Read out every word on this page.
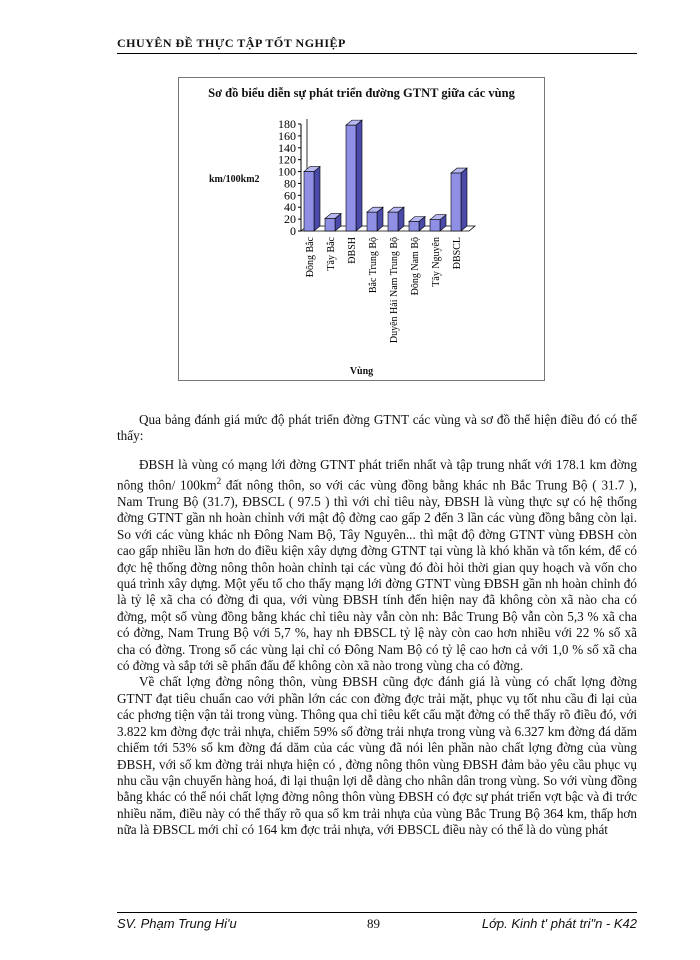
CHUYÊN ĐỀ THỰC TẬP TỐT NGHIỆP
Sơ đồ biểu diễn sự phát triển đường GTNT giữa các vùng
km/100km2
0
20
40
60
80
100
120
140
160
180
Đông Bắc Tây Bắc ĐBSH Bắc Trung Bộ Duyên Hải Nam Trung Bộ Đông Nam Bộ Tây Nguyên ĐBSCL
Vùng

Qua bảng đánh giá mức độ phát triển đờng GTNT các vùng và sơ đồ thể hiện điều đó có thể thấy:

ĐBSH là vùng có mạng lới đờng GTNT phát triển nhất và tập trung nhất với 178.1 km đờng nông thôn/ $100km^2$ đất nông thôn, so với các vùng đồng bằng khác nh Bắc Trung Bộ ( 31.7 ), Nam Trung Bộ (31.7), ĐBSCL ( 97.5 ) thì với chỉ tiêu này, ĐBSH là vùng thực sự có hệ thống đờng GTNT gần nh hoàn chỉnh với mật độ đờng cao gấp 2 đến 3 lần các vùng đồng bằng còn lại. So với các vùng khác nh Đông Nam Bộ, Tây Nguyên... thì mật độ đờng GTNT vùng ĐBSH còn cao gấp nhiều lần hơn do điều kiện xây dựng đờng GTNT tại vùng là khó khăn và tốn kém, để có đợc hệ thống đờng nông thôn hoàn chỉnh tại các vùng đó đòi hỏi thời gian quy hoạch và vốn cho quá trình xây dựng. Một yếu tố cho thấy mạng lới đờng GTNT vùng ĐBSH gần nh hoàn chỉnh đó là tỷ lệ xã cha có đờng đi qua, với vùng ĐBSH tính đến hiện nay đã không còn xã nào cha có đờng, một số vùng đồng bằng khác chỉ tiêu này vẫn còn nh: Bắc Trung Bộ vẫn còn 5,3 % xã cha có đờng, Nam Trung Bộ với 5,7 %, hay nh ĐBSCL tỷ lệ này còn cao hơn nhiều với 22 % số xã cha có đờng. Trong số các vùng lại chỉ có Đông Nam Bộ có tỷ lệ cao hơn cả với 1,0 % số xã cha có đờng và sắp tới sẽ phấn đấu để không còn xã nào trong vùng cha có đờng.

Về chất lợng đờng nông thôn, vùng ĐBSH cũng đợc đánh giá là vùng có chất lợng đờng GTNT đạt tiêu chuẩn cao với phần lớn các con đờng đợc trải mặt, phục vụ tốt nhu cầu đi lại của các phơng tiện vận tải trong vùng. Thông qua chỉ tiêu kết cấu mặt đờng có thể thấy rõ điều đó, với 3.822 km đờng đợc trải nhựa, chiếm 59% số đờng trải nhựa trong vùng và 6.327 km đờng đá dăm chiếm tới 53% số km đờng đá dăm của các vùng đã nói lên phần nào chất lợng đờng của vùng ĐBSH, với số km đờng trải nhựa hiện có , đờng nông thôn vùng ĐBSH đảm bảo yêu cầu phục vụ nhu cầu vận chuyển hàng hoá, đi lại thuận lợi dễ dàng cho nhân dân trong vùng. So với vùng đồng bằng khác có thể nói chất lợng đờng nông thôn vùng ĐBSH có đợc sự phát triển vợt bậc và đi trớc nhiều năm, điều này có thể thấy rõ qua số km trải nhựa của vùng Bắc Trung Bộ 364 km, thấp hơn nữa là ĐBSCL mới chỉ có 164 km đợc trải nhựa, với ĐBSCL điều này có thể là do vùng phát

SV. Phạm Trung Hi'u	89	Lớp. Kinh t' phát tri"n - K42
